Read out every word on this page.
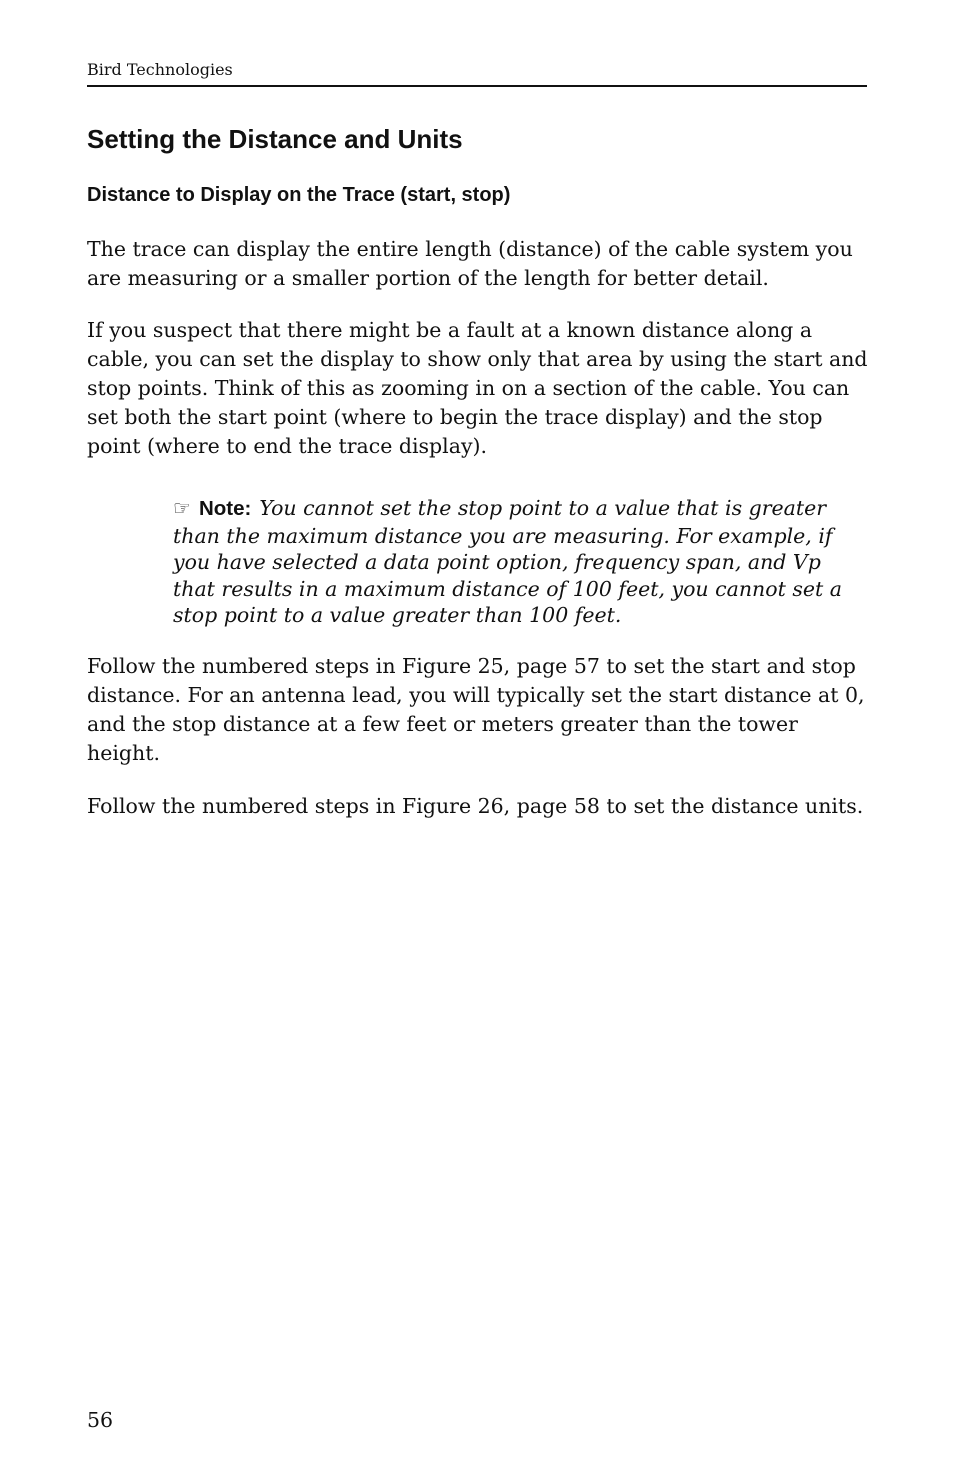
Bird Technologies
Setting the Distance and Units
Distance to Display on the Trace (start, stop)

The trace can display the entire length (distance) of the cable system you are measuring or a smaller portion of the length for better detail.

If you suspect that there might be a fault at a known distance along a cable, you can set the display to show only that area by using the start and stop points. Think of this as zooming in on a section of the cable. You can set both the start point (where to begin the trace display) and the stop point (where to end the trace display).

☞ Note: You cannot set the stop point to a value that is greater than the maximum distance you are measuring. For example, if you have selected a data point option, frequency span, and Vp that results in a maximum distance of 100 feet, you cannot set a stop point to a value greater than 100 feet.

Follow the numbered steps in Figure 25, page 57 to set the start and stop distance. For an antenna lead, you will typically set the start distance at 0, and the stop distance at a few feet or meters greater than the tower height.

Follow the numbered steps in Figure 26, page 58 to set the distance units.

56
